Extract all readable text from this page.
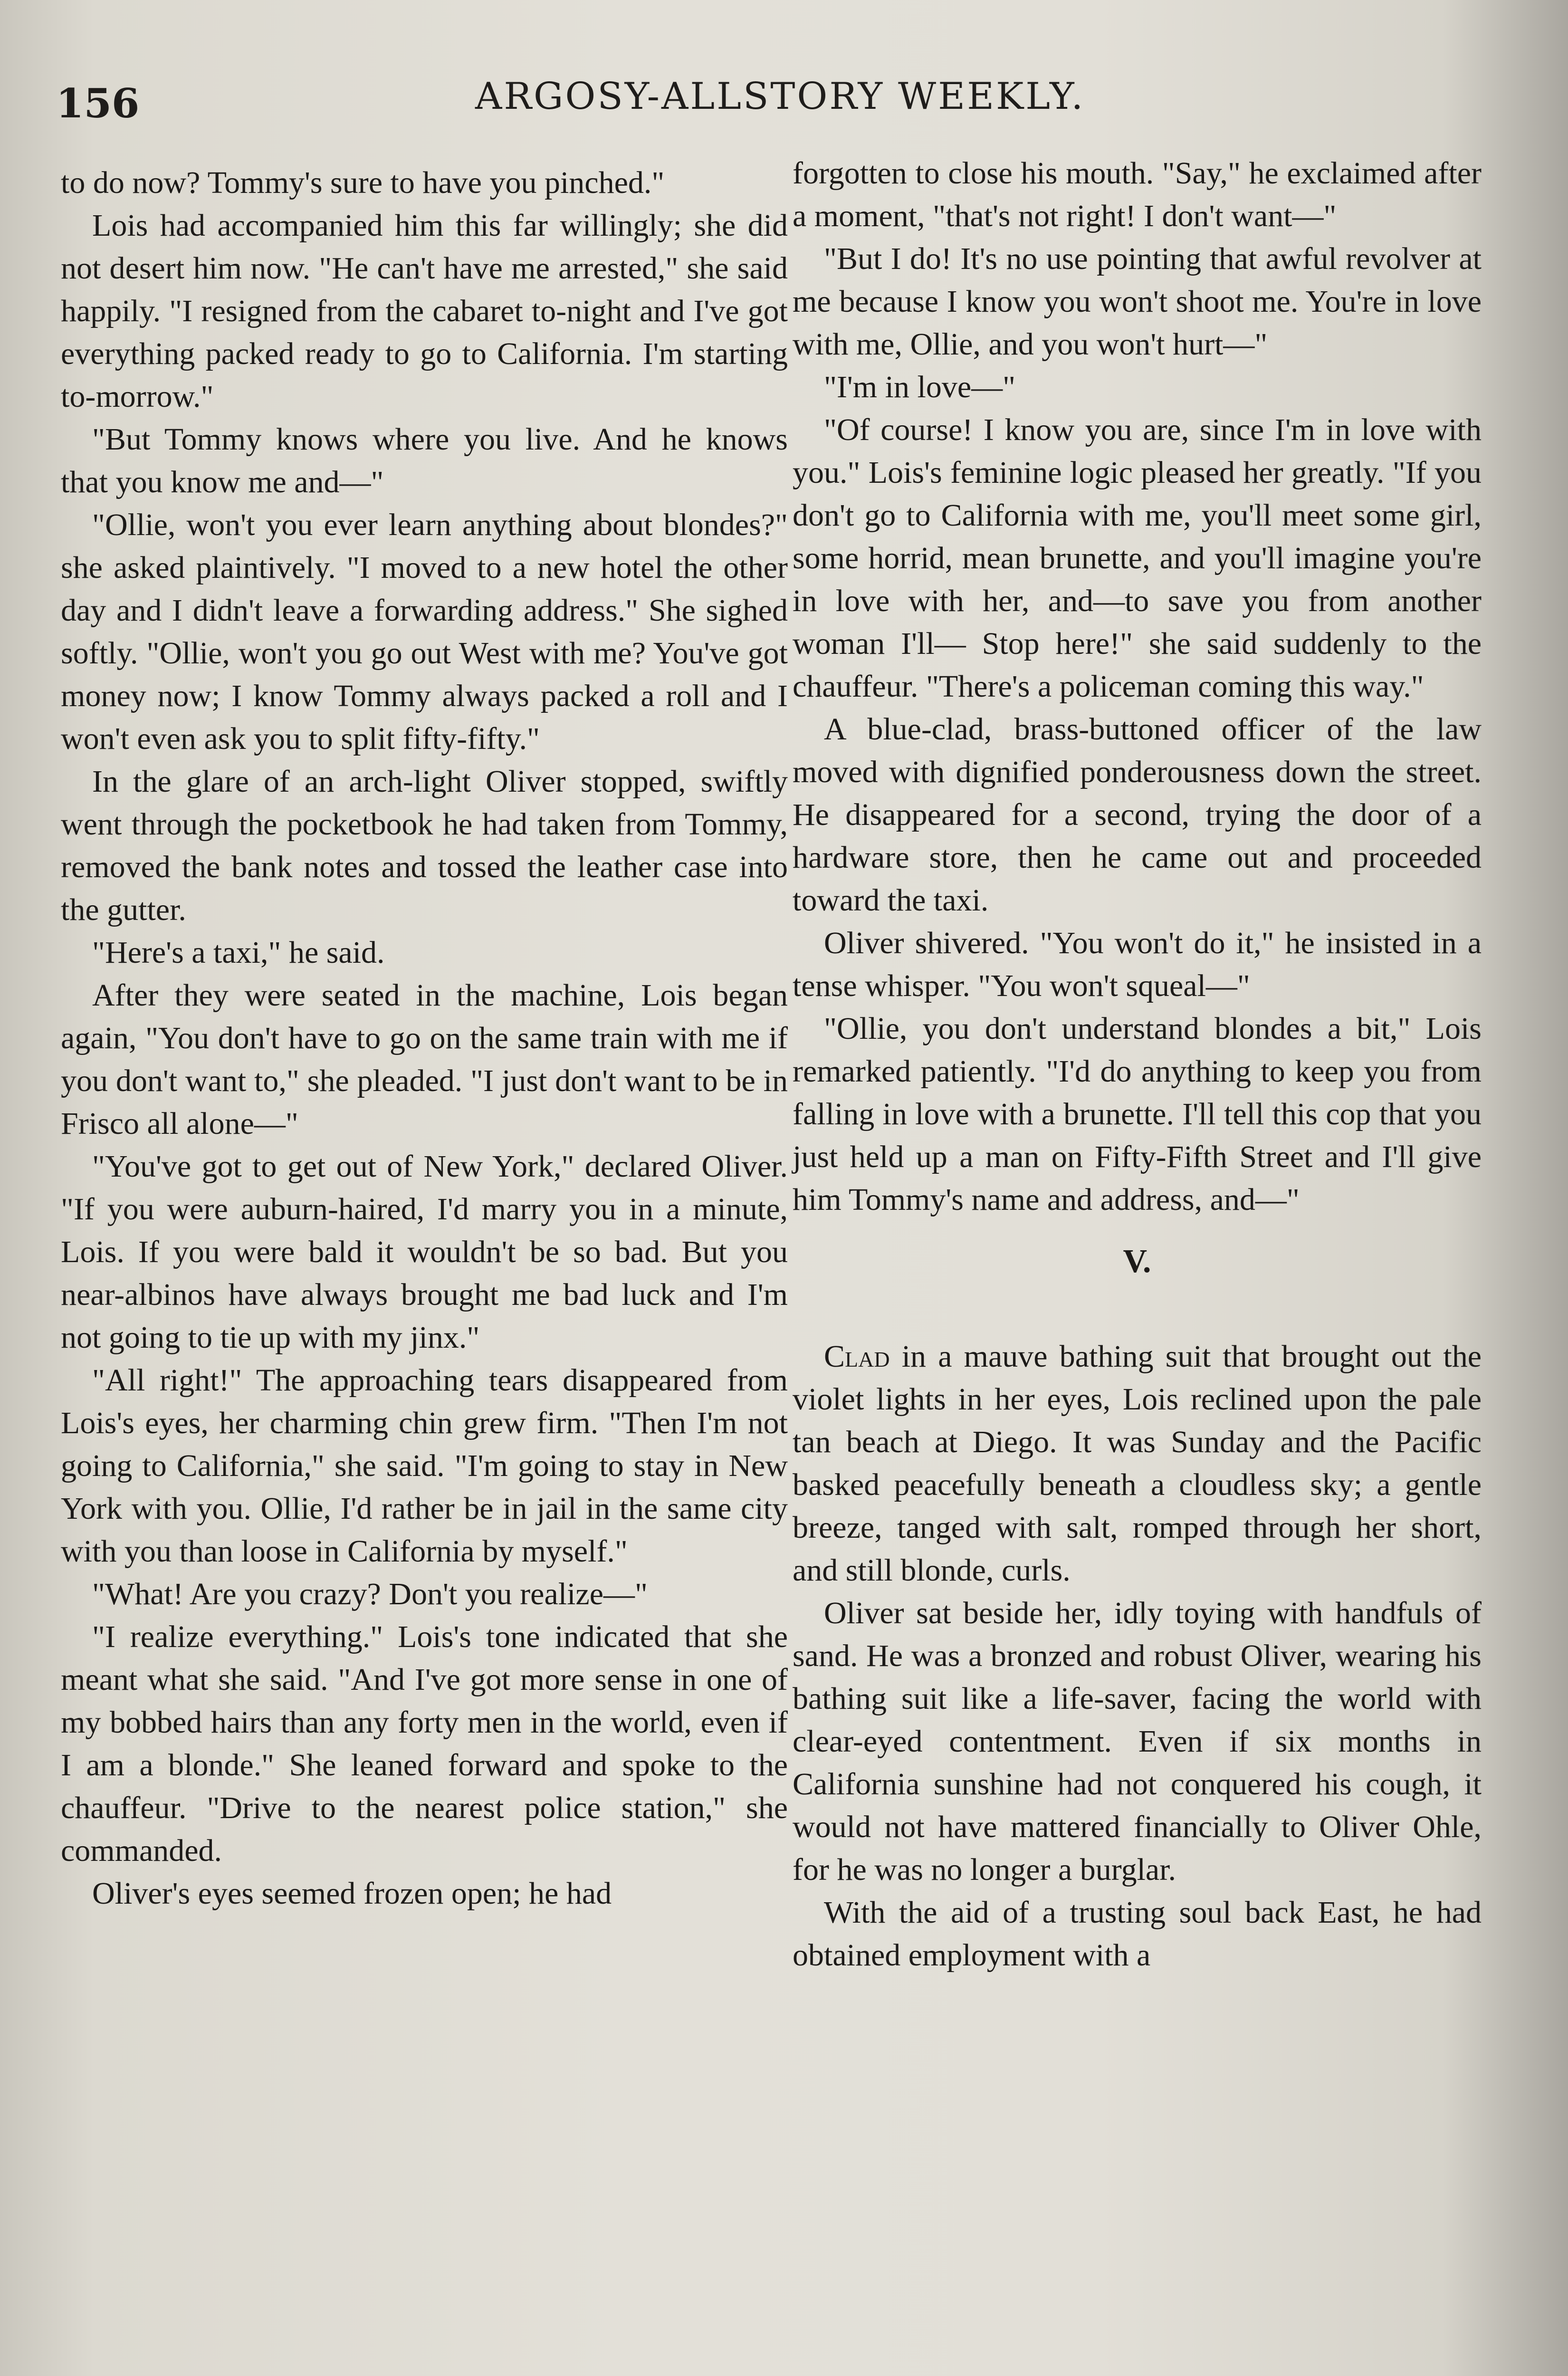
156	ARGOSY-ALLSTORY WEEKLY.

to do now? Tommy's sure to have you pinched."

Lois had accompanied him this far willingly; she did not desert him now. "He can't have me arrested," she said happily. "I resigned from the cabaret to-night and I've got everything packed ready to go to California. I'm starting to-morrow."

"But Tommy knows where you live. And he knows that you know me and—"

"Ollie, won't you ever learn anything about blondes?" she asked plaintively. "I moved to a new hotel the other day and I didn't leave a forwarding address." She sighed softly. "Ollie, won't you go out West with me? You've got money now; I know Tommy always packed a roll and I won't even ask you to split fifty-fifty."

In the glare of an arch-light Oliver stopped, swiftly went through the pocketbook he had taken from Tommy, removed the bank notes and tossed the leather case into the gutter.

"Here's a taxi," he said.

After they were seated in the machine, Lois began again, "You don't have to go on the same train with me if you don't want to," she pleaded. "I just don't want to be in Frisco all alone—"

"You've got to get out of New York," declared Oliver. "If you were auburn-haired, I'd marry you in a minute, Lois. If you were bald it wouldn't be so bad. But you near-albinos have always brought me bad luck and I'm not going to tie up with my jinx."

"All right!" The approaching tears disappeared from Lois's eyes, her charming chin grew firm. "Then I'm not going to California," she said. "I'm going to stay in New York with you. Ollie, I'd rather be in jail in the same city with you than loose in California by myself."

"What! Are you crazy? Don't you realize—"

"I realize everything." Lois's tone indicated that she meant what she said. "And I've got more sense in one of my bobbed hairs than any forty men in the world, even if I am a blonde." She leaned forward and spoke to the chauffeur. "Drive to the nearest police station," she commanded.

Oliver's eyes seemed frozen open; he had

forgotten to close his mouth. "Say," he exclaimed after a moment, "that's not right! I don't want—"

"But I do! It's no use pointing that awful revolver at me because I know you won't shoot me. You're in love with me, Ollie, and you won't hurt—"

"I'm in love—"

"Of course! I know you are, since I'm in love with you." Lois's feminine logic pleased her greatly. "If you don't go to California with me, you'll meet some girl, some horrid, mean brunette, and you'll imagine you're in love with her, and—to save you from another woman I'll— Stop here!" she said suddenly to the chauffeur. "There's a policeman coming this way."

A blue-clad, brass-buttoned officer of the law moved with dignified ponderousness down the street. He disappeared for a second, trying the door of a hardware store, then he came out and proceeded toward the taxi.

Oliver shivered. "You won't do it," he insisted in a tense whisper. "You won't squeal—"

"Ollie, you don't understand blondes a bit," Lois remarked patiently. "I'd do anything to keep you from falling in love with a brunette. I'll tell this cop that you just held up a man on Fifty-Fifth Street and I'll give him Tommy's name and address, and—"

V.

Clad in a mauve bathing suit that brought out the violet lights in her eyes, Lois reclined upon the pale tan beach at Diego. It was Sunday and the Pacific basked peacefully beneath a cloudless sky; a gentle breeze, tanged with salt, romped through her short, and still blonde, curls.

Oliver sat beside her, idly toying with handfuls of sand. He was a bronzed and robust Oliver, wearing his bathing suit like a life-saver, facing the world with clear-eyed contentment. Even if six months in California sunshine had not conquered his cough, it would not have mattered financially to Oliver Ohle, for he was no longer a burglar.

With the aid of a trusting soul back East, he had obtained employment with a
